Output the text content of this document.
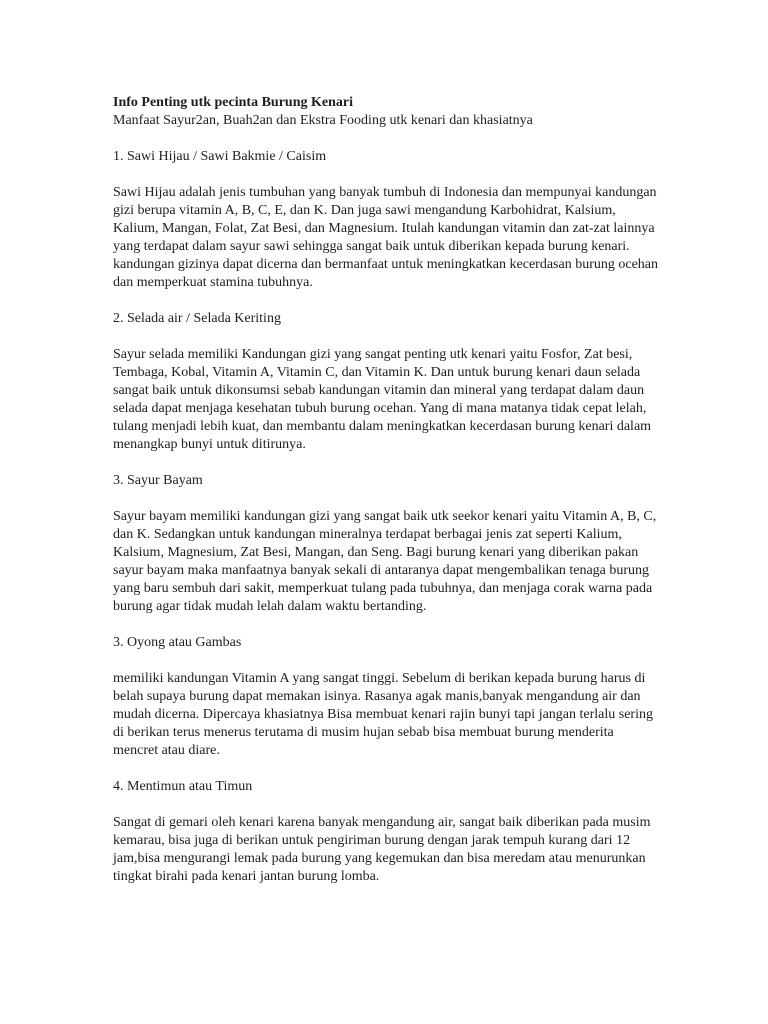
Info Penting utk pecinta Burung Kenari

Manfaat Sayur2an, Buah2an dan Ekstra Fooding utk kenari dan khasiatnya

1. Sawi Hijau / Sawi Bakmie / Caisim

Sawi Hijau adalah jenis tumbuhan yang banyak tumbuh di Indonesia dan mempunyai kandungan gizi berupa vitamin A, B, C, E, dan K. Dan juga sawi mengandung Karbohidrat, Kalsium, Kalium, Mangan, Folat, Zat Besi, dan Magnesium. Itulah kandungan vitamin dan zat-zat lainnya yang terdapat dalam sayur sawi sehingga sangat baik untuk diberikan kepada burung kenari. kandungan gizinya dapat dicerna dan bermanfaat untuk meningkatkan kecerdasan burung ocehan dan memperkuat stamina tubuhnya.

2. Selada air / Selada Keriting

Sayur selada memiliki Kandungan gizi yang sangat penting utk kenari yaitu Fosfor, Zat besi, Tembaga, Kobal, Vitamin A, Vitamin C, dan Vitamin K. Dan untuk burung kenari daun selada sangat baik untuk dikonsumsi sebab kandungan vitamin dan mineral yang terdapat dalam daun selada dapat menjaga kesehatan tubuh burung ocehan. Yang di mana matanya tidak cepat lelah, tulang menjadi lebih kuat, dan membantu dalam meningkatkan kecerdasan burung kenari dalam menangkap bunyi untuk ditirunya.

3. Sayur Bayam

Sayur bayam memiliki kandungan gizi yang sangat baik utk seekor kenari yaitu Vitamin A, B, C, dan K. Sedangkan untuk kandungan mineralnya terdapat berbagai jenis zat seperti Kalium, Kalsium, Magnesium, Zat Besi, Mangan, dan Seng. Bagi burung kenari yang diberikan pakan sayur bayam maka manfaatnya banyak sekali di antaranya dapat mengembalikan tenaga burung yang baru sembuh dari sakit, memperkuat tulang pada tubuhnya, dan menjaga corak warna pada burung agar tidak mudah lelah dalam waktu bertanding.

3. Oyong atau Gambas

memiliki kandungan Vitamin A yang sangat tinggi. Sebelum di berikan kepada burung harus di belah supaya burung dapat memakan isinya. Rasanya agak manis,banyak mengandung air dan mudah dicerna. Dipercaya khasiatnya Bisa membuat kenari rajin bunyi tapi jangan terlalu sering di berikan terus menerus terutama di musim hujan sebab bisa membuat burung menderita mencret atau diare.

4. Mentimun atau Timun

Sangat di gemari oleh kenari karena banyak mengandung air, sangat baik diberikan pada musim kemarau, bisa juga di berikan untuk pengiriman burung dengan jarak tempuh kurang dari 12 jam,bisa mengurangi lemak pada burung yang kegemukan dan bisa meredam atau menurunkan tingkat birahi pada kenari jantan burung lomba.
